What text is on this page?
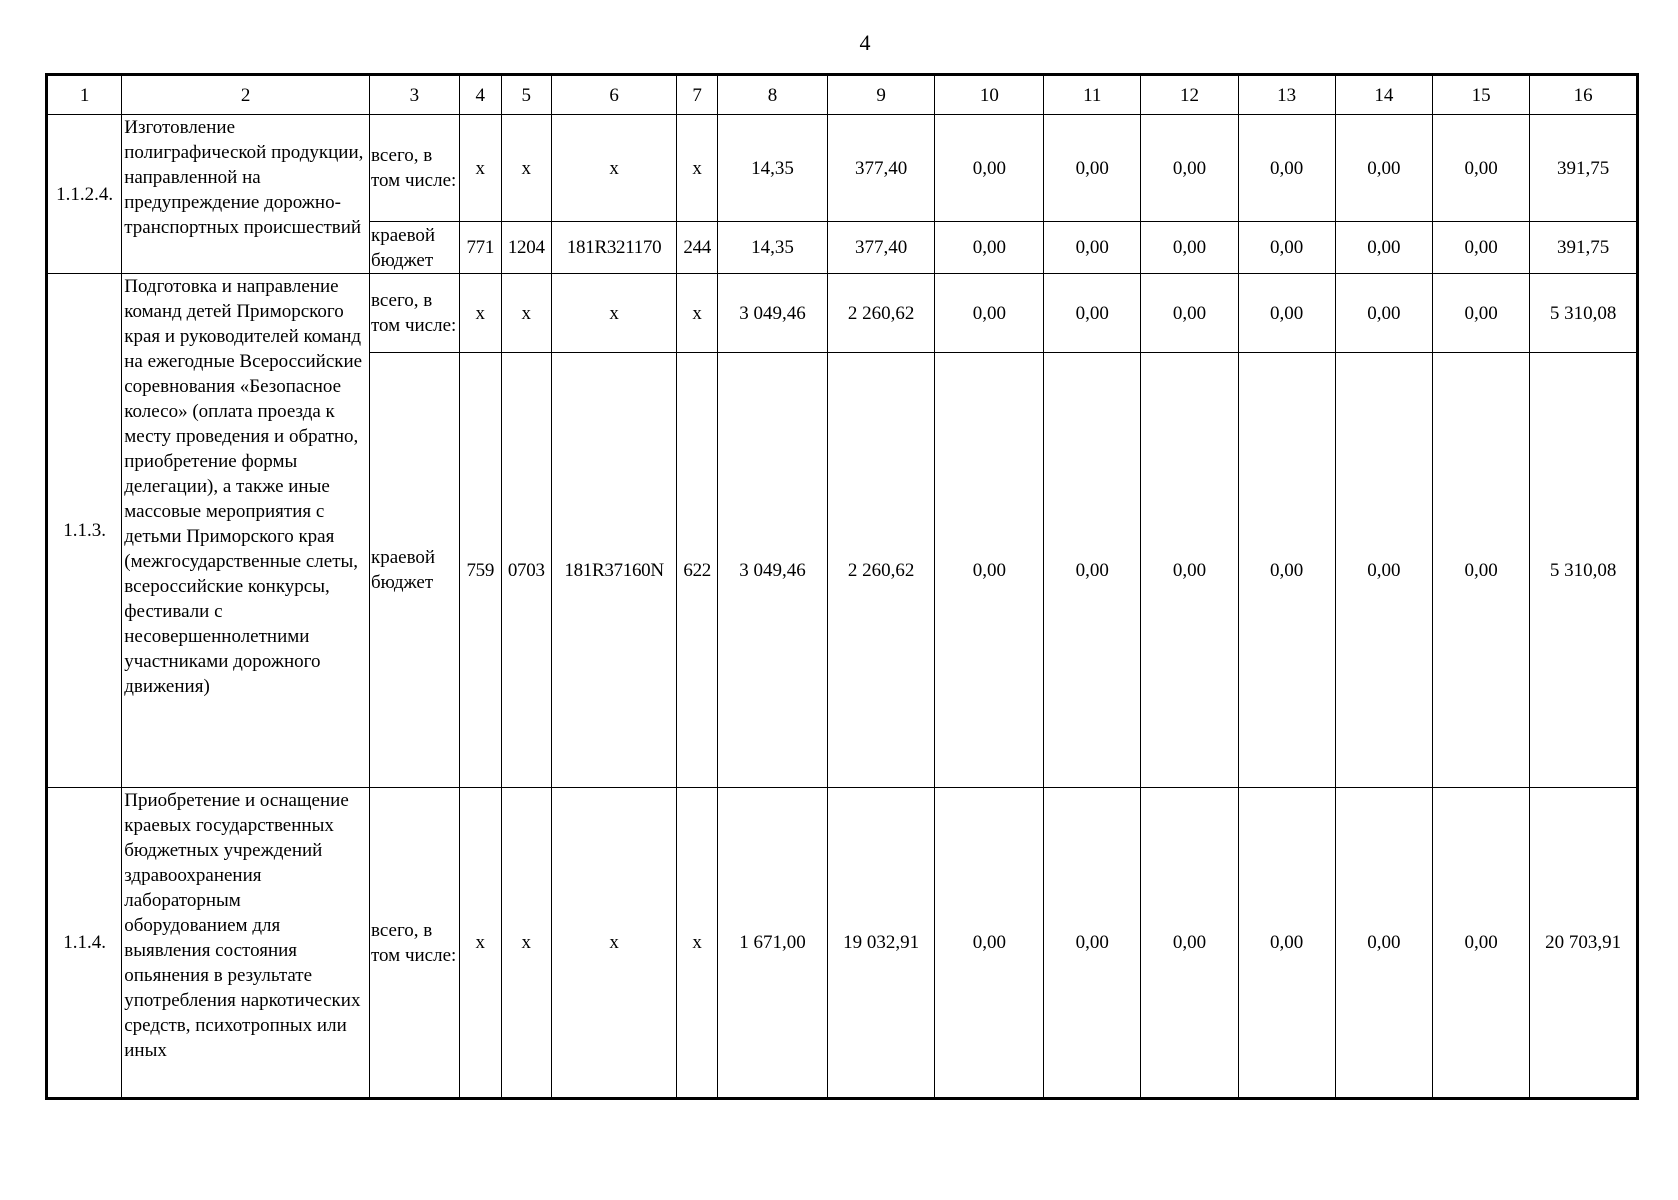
4
1	2	3	4	5	6	7	8	9	10	11	12	13	14	15	16
1.1.2.4.	Изготовление полиграфической продукции, направленной на предупреждение дорожно-транспортных происшествий	всего, в том числе:	x	x	x	x	14,35	377,40	0,00	0,00	0,00	0,00	0,00	0,00	391,75
		краевой бюджет	771	1204	181R321170	244	14,35	377,40	0,00	0,00	0,00	0,00	0,00	0,00	391,75
1.1.3.	Подготовка и направление команд детей Приморского края и руководителей команд на ежегодные Всероссийские соревнования «Безопасное колесо» (оплата проезда к месту проведения и обратно, приобретение формы делегации), а также иные массовые мероприятия с детьми Приморского края (межгосударственные слеты, всероссийские конкурсы, фестивали с несовершеннолетними участниками дорожного движения)	всего, в том числе:	x	x	x	x	3 049,46	2 260,62	0,00	0,00	0,00	0,00	0,00	0,00	5 310,08
		краевой бюджет	759	0703	181R37160N	622	3 049,46	2 260,62	0,00	0,00	0,00	0,00	0,00	0,00	5 310,08
1.1.4.	Приобретение и оснащение краевых государственных бюджетных учреждений здравоохранения лабораторным оборудованием для выявления состояния опьянения в результате употребления наркотических средств, психотропных или иных	всего, в том числе:	x	x	x	x	1 671,00	19 032,91	0,00	0,00	0,00	0,00	0,00	0,00	20 703,91
